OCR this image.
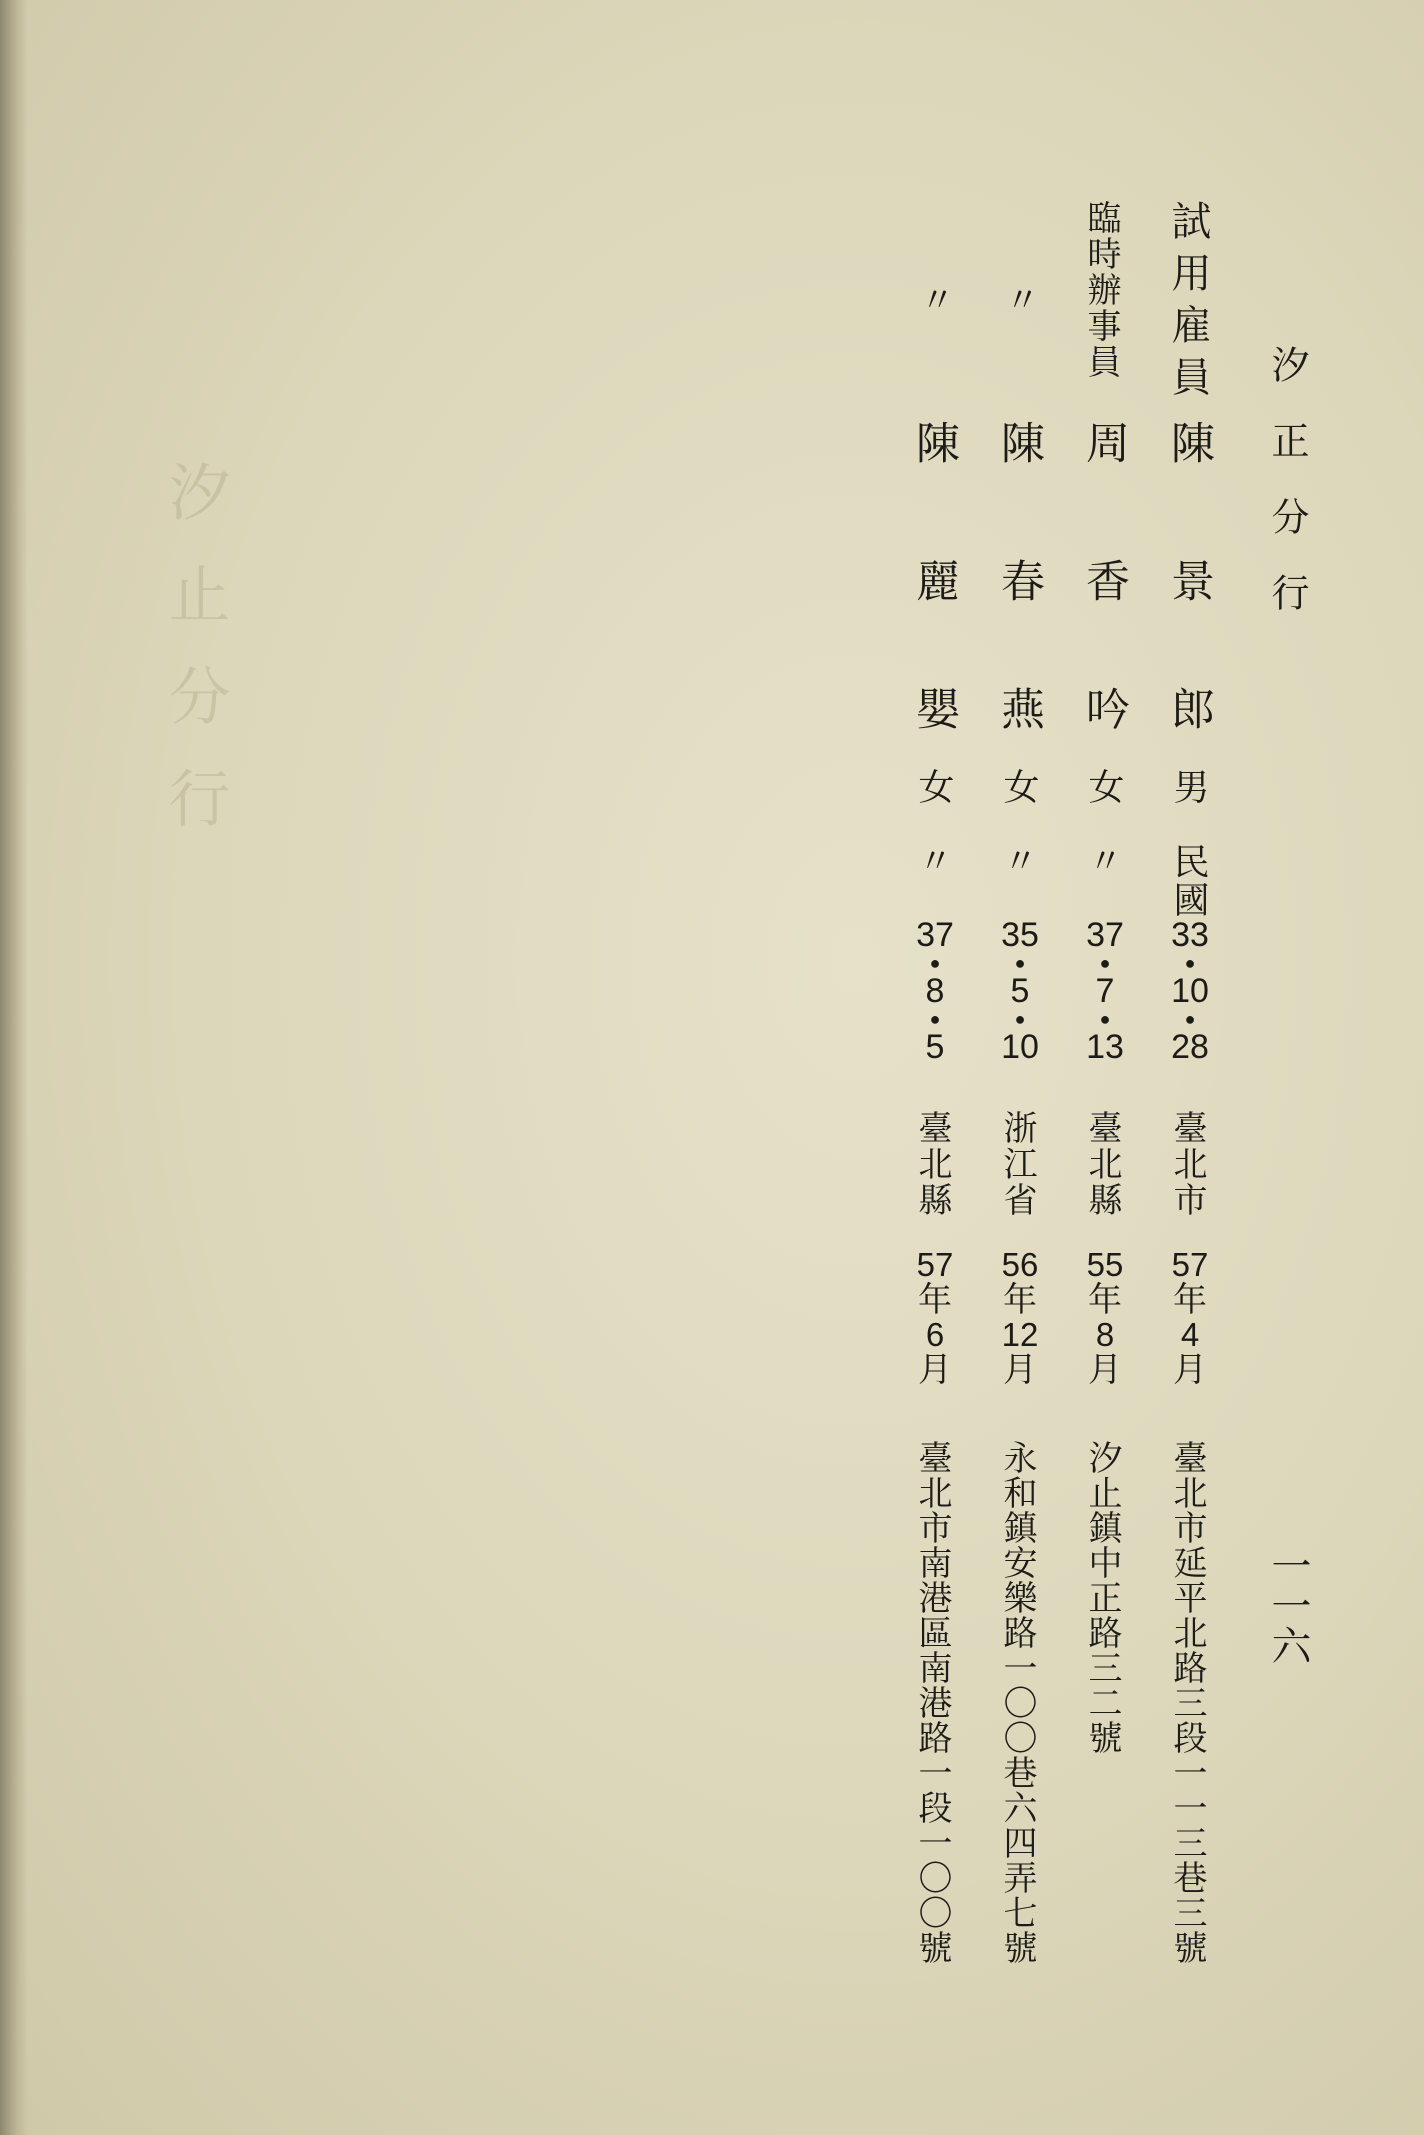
汐止分行	汐正分行
一一六
試用雇員
陳
景
郎
男
民國
33
●
10
●
28
臺北市
57
年
4
月
臺北市延平北路三段一一三巷三號
臨時辦事員
周
香
吟
女
〃
37
●
7
●
13
臺北縣
55
年
8
月
汐止鎮中正路三二號
〃
陳
春
燕
女
〃
35
●
5
●
10
浙江省
56
年
12
月
永和鎮安樂路一〇〇巷六四弄七號
〃
陳
麗
嬰
女
〃
37
●
8
●
5
臺北縣
57
年
6
月
臺北市南港區南港路一段一〇〇號
